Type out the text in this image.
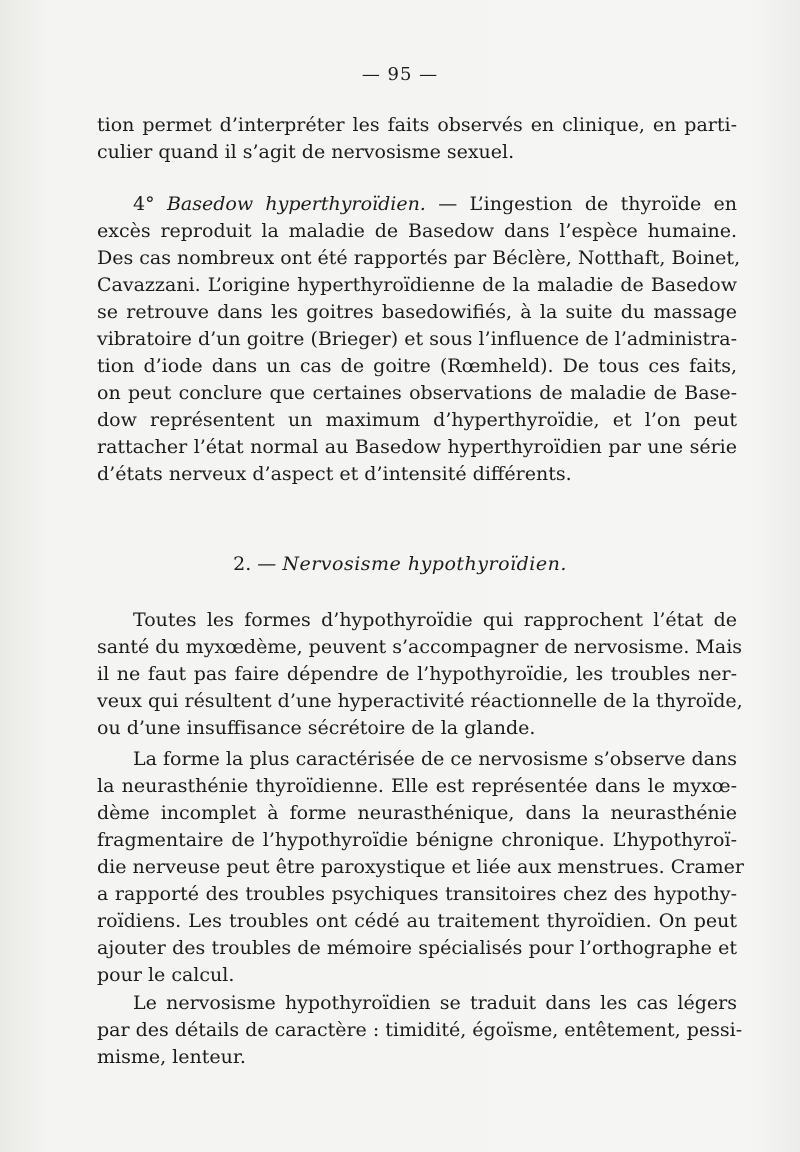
— 95 —
tion permet d’interpréter les faits observés en clinique, en parti-
culier quand il s’agit de nervosisme sexuel.
4° Basedow hyperthyroïdien. — L’ingestion de thyroïde en
excès reproduit la maladie de Basedow dans l’espèce humaine.
Des cas nombreux ont été rapportés par Béclère, Notthaft, Boinet,
Cavazzani. L’origine hyperthyroïdienne de la maladie de Basedow
se retrouve dans les goitres basedowifiés, à la suite du massage
vibratoire d’un goitre (Brieger) et sous l’influence de l’administra-
tion d’iode dans un cas de goitre (Rœmheld). De tous ces faits,
on peut conclure que certaines observations de maladie de Base-
dow représentent un maximum d’hyperthyroïdie, et l’on peut
rattacher l’état normal au Basedow hyperthyroïdien par une série
d’états nerveux d’aspect et d’intensité différents.
2. — Nervosisme hypothyroïdien.
Toutes les formes d’hypothyroïdie qui rapprochent l’état de
santé du myxœdème, peuvent s’accompagner de nervosisme. Mais
il ne faut pas faire dépendre de l’hypothyroïdie, les troubles ner-
veux qui résultent d’une hyperactivité réactionnelle de la thyroïde,
ou d’une insuffisance sécrétoire de la glande.
La forme la plus caractérisée de ce nervosisme s’observe dans
la neurasthénie thyroïdienne. Elle est représentée dans le myxœ-
dème incomplet à forme neurasthénique, dans la neurasthénie
fragmentaire de l’hypothyroïdie bénigne chronique. L’hypothyroï-
die nerveuse peut être paroxystique et liée aux menstrues. Cramer
a rapporté des troubles psychiques transitoires chez des hypothy-
roïdiens. Les troubles ont cédé au traitement thyroïdien. On peut
ajouter des troubles de mémoire spécialisés pour l’orthographe et
pour le calcul.
Le nervosisme hypothyroïdien se traduit dans les cas légers
par des détails de caractère : timidité, égoïsme, entêtement, pessi-
misme, lenteur.
